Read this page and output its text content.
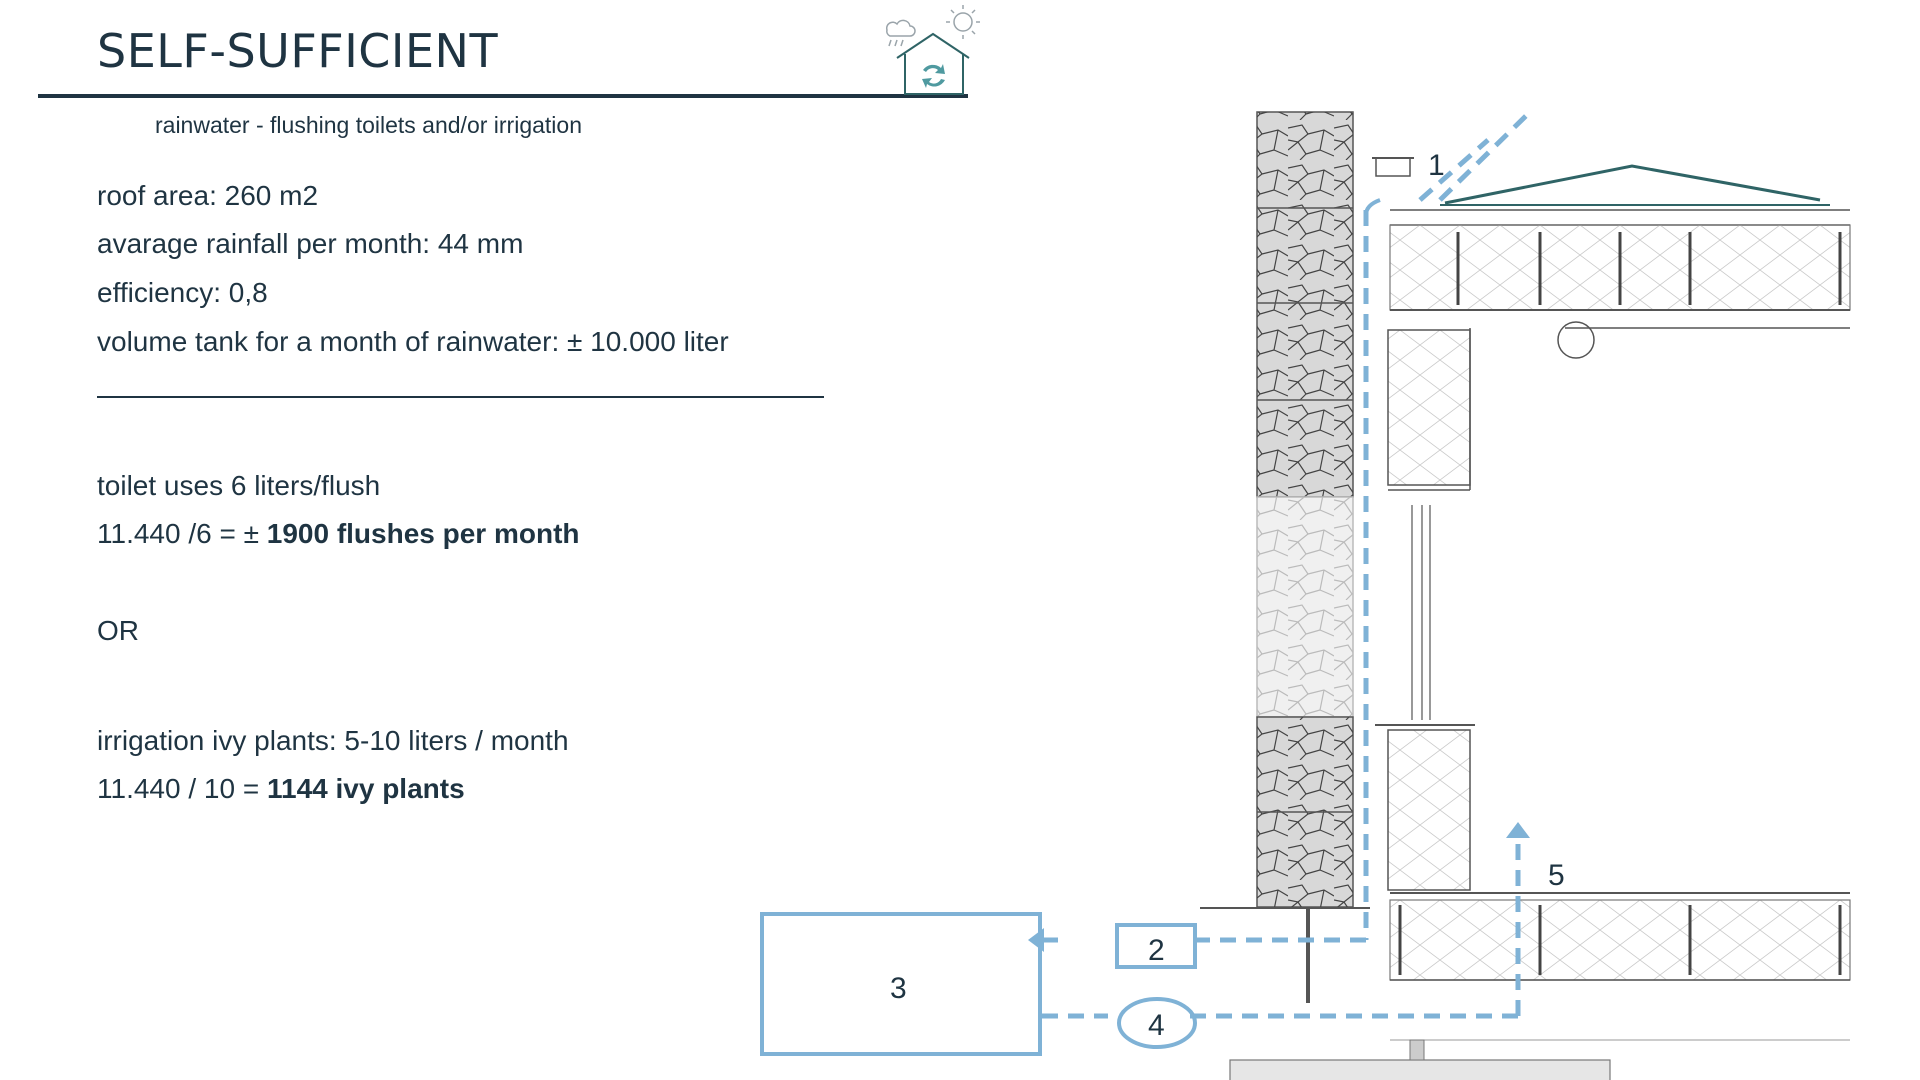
SELF-SUFFICIENT
rainwater - flushing toilets and/or irrigation
roof area: 260 m2
avarage rainfall per month: 44 mm
efficiency: 0,8
volume tank for a month of rainwater: ± 10.000 liter
toilet uses 6 liters/flush
11.440 /6 = ± 1900 flushes per month
OR
irrigation ivy plants: 5-10 liters / month
11.440 / 10 = 1144 ivy plants
1
2
3
4
5
